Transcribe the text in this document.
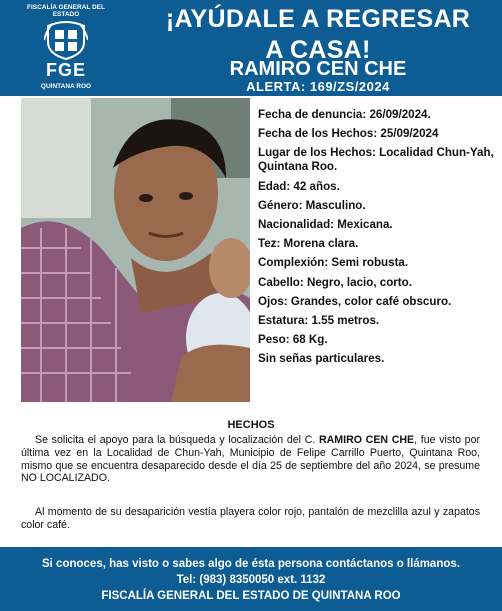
FISCALÍA GENERAL DEL ESTADO
FGE
QUINTANA ROO
¡AYÚDALE A REGRESAR
A CASA!
RAMIRO CEN CHE
ALERTA: 169/ZS/2024
Fecha de denuncia: 26/09/2024.
Fecha de los Hechos: 25/09/2024
Lugar de los Hechos: Localidad Chun-Yah, Quintana Roo.
Edad: 42 años.
Género: Masculino.
Nacionalidad: Mexicana.
Tez: Morena clara.
Complexión: Semi robusta.
Cabello: Negro, lacio, corto.
Ojos: Grandes, color café obscuro.
Estatura: 1.55 metros.
Peso: 68 Kg.
Sin señas particulares.
HECHOS
Se solicita el apoyo para la búsqueda y localización del C. RAMIRO CEN CHE, fue visto por última vez en la Localidad de Chun-Yah, Municipio de Felipe Carrillo Puerto, Quintana Roo, mismo que se encuentra desaparecido desde el día 25 de septiembre del año 2024, se presume NO LOCALIZADO.
Al momento de su desaparición vestía playera color rojo, pantalón de mezclilla azul y zapatos color café.
Si conoces, has visto o sabes algo de ésta persona contáctanos o llámanos.
Tel: (983) 8350050 ext. 1132
FISCALÍA GENERAL DEL ESTADO DE QUINTANA ROO
